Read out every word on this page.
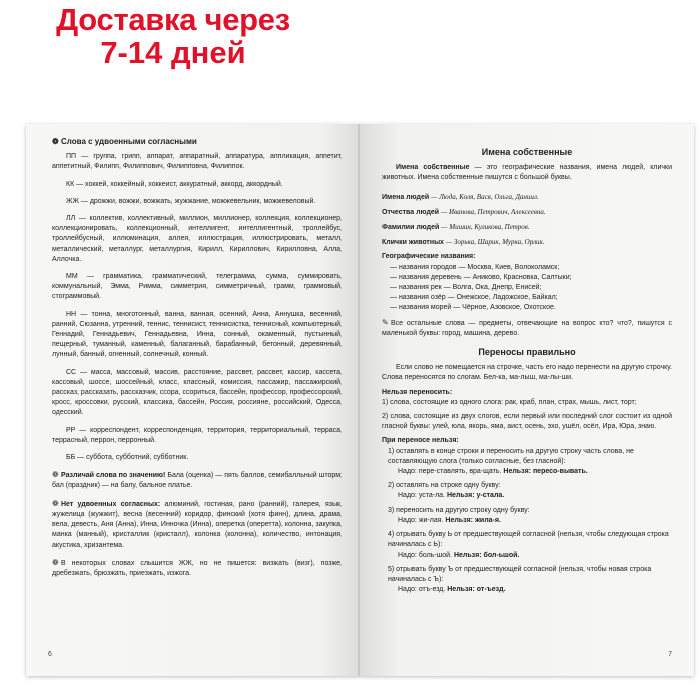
Доставка через
7-14 дней
❁ Слова с удвоенными согласными

ПП — группа, грипп, аппарат, аппаратный, аппаратура, аппликация, аппетит, аппетитный, Филипп, Филиппович, Филипповна, Филиппок.

КК — хоккей, хоккейный, хоккеист, аккуратный, аккорд, аккордный.

ЖЖ — дрожжи, вожжи, вожжать, жужжание, можжевельник, можжевеловый.

ЛЛ — коллектив, коллективный, миллион, миллионер, коллекция, коллекционер, коллекционировать, коллекционный, интеллигент, интеллигентный, троллейбус, троллейбусный, иллюминация, аллея, иллюстрация, иллюстрировать, металл, металлический, металлург, металлургия, Кирилл, Кириллович, Кирилловна, Алла, Аллочка.

ММ — грамматика, грамматический, телеграмма, сумма, суммировать, коммунальный, Эмма, Римма, симметрия, симметричный, грамм, граммовый, стограммовый.

НН — тонна, многотонный, ванна, ванная, осенний, Анна, Аннушка, весенний, ранний, Сюзанна, утренний, теннис, теннисист, теннисистка, теннисный, компьютерный, Геннадий, Геннадьевич, Геннадьевна, Инна, сонный, окаменный, пустынный, пещерный, туманный, каменный, балаганный, барабанный, бетонный, деревянный, лунный, банный, огненный, солнечный, конный.

СС — масса, массовый, массив, расстояние, рассвет, рассвет, кассир, кассета, кассовый, шоссе, шоссейный, класс, классный, комиссия, пассажир, пассажирский, рассказ, рассказать, рассказчик, ссора, ссориться, бассейн, профессор, профессорский, кросс, кроссовки, русский, классика, бассейн, Россия, россияне, российский, Одесса, одесский.

РР — корреспондент, корреспонденция, территория, территориальный, терраса, террасный, перрон, перронный.

ББ — суббота, субботний, субботник.

❁ Различай слова по значению! Бала (оценка) — пять баллов, семибалльный шторм; бал (праздник) — на балу, бальное платье.

❁ Нет удвоенных согласных: алюминий, гостиная, рано (ранний), галерея, язык, жужелица (жужжит), весна (весенний) коридор, финский (хотя финн), длина, драма, вела, девесть, Аня (Анна), Инна, Инночка (Инна), оперетка (оперетта), колонна, закупка, манка (манный), кристаллик (кристалл), колонка (колонна), количество, интонация, акустика, хризантема.

❁ В некоторых словах слышится ЖЖ, но не пишется: визжать (визг), позже, дребезжать, брюзжать, приезжать, изжога.

6
Имена собственные

Имена собственные — это географические названия, имена людей, клички животных. Имена собственные пишутся с большой буквы.

Имена людей — Люда, Коля, Вася, Ольга, Даниил.

Отчества людей — Иванова, Петрович, Алексеевна.

Фамилии людей — Мишин, Куликова, Петров.

Клички животных — Зорька, Шарик, Мурка, Орлик.

Географические названия:
— названия городов — Москва, Киев, Волоколамск;
— названия деревень — Аниково, Красновка, Салтыки;
— названия рек — Волга, Ока, Днепр, Енисей;
— названия озёр — Онежское, Ладожское, Байкал;
— названия морей — Чёрное, Азовское, Охотское.

✎ Все остальные слова — предметы, отвечающие на вопрос кто? что?, пишутся с маленькой буквы: город, машина, дерево.

Переносы правильно

Если слово не помещается на строчке, часть его надо перенести на другую строчку. Слова переносятся по слогам. Бел-ка, ма-лыш, ма-лы-ши.

Нельзя переносить:

1) слова, состоящие из одного слога: рак, краб, план, страх, мышь, лист, торт;

2) слова, состоящие из двух слогов, если первый или последний слог состоит из одной гласной буквы: улей, юла, якорь, яма, аист, осень, эхо, ушёл, осёл, Ира, Юра, знаю.

При переносе нельзя:
1) оставлять в конце строки и переносить на другую строку часть слова, не составляющую слога (только согласные, без гласной):
Надо: пере-ставлять, вра-щать. Нельзя: пересо-вывать.
2) оставлять на строке одну букву:
Надо: уста-ла. Нельзя: у-стала.
3) переносить на другую строку одну букву:
Надо: жи-лая. Нельзя: жила-я.
4) отрывать букву Ь от предшествующей согласной (нельзя, чтобы следующая строка начиналась с Ь):
Надо: боль-шой. Нельзя: бол-ьшой.
5) отрывать букву Ъ от предшествующей согласной (нельзя, чтобы новая строка начиналась с Ъ):
Надо: отъ-езд. Нельзя: от-ъезд.
7
